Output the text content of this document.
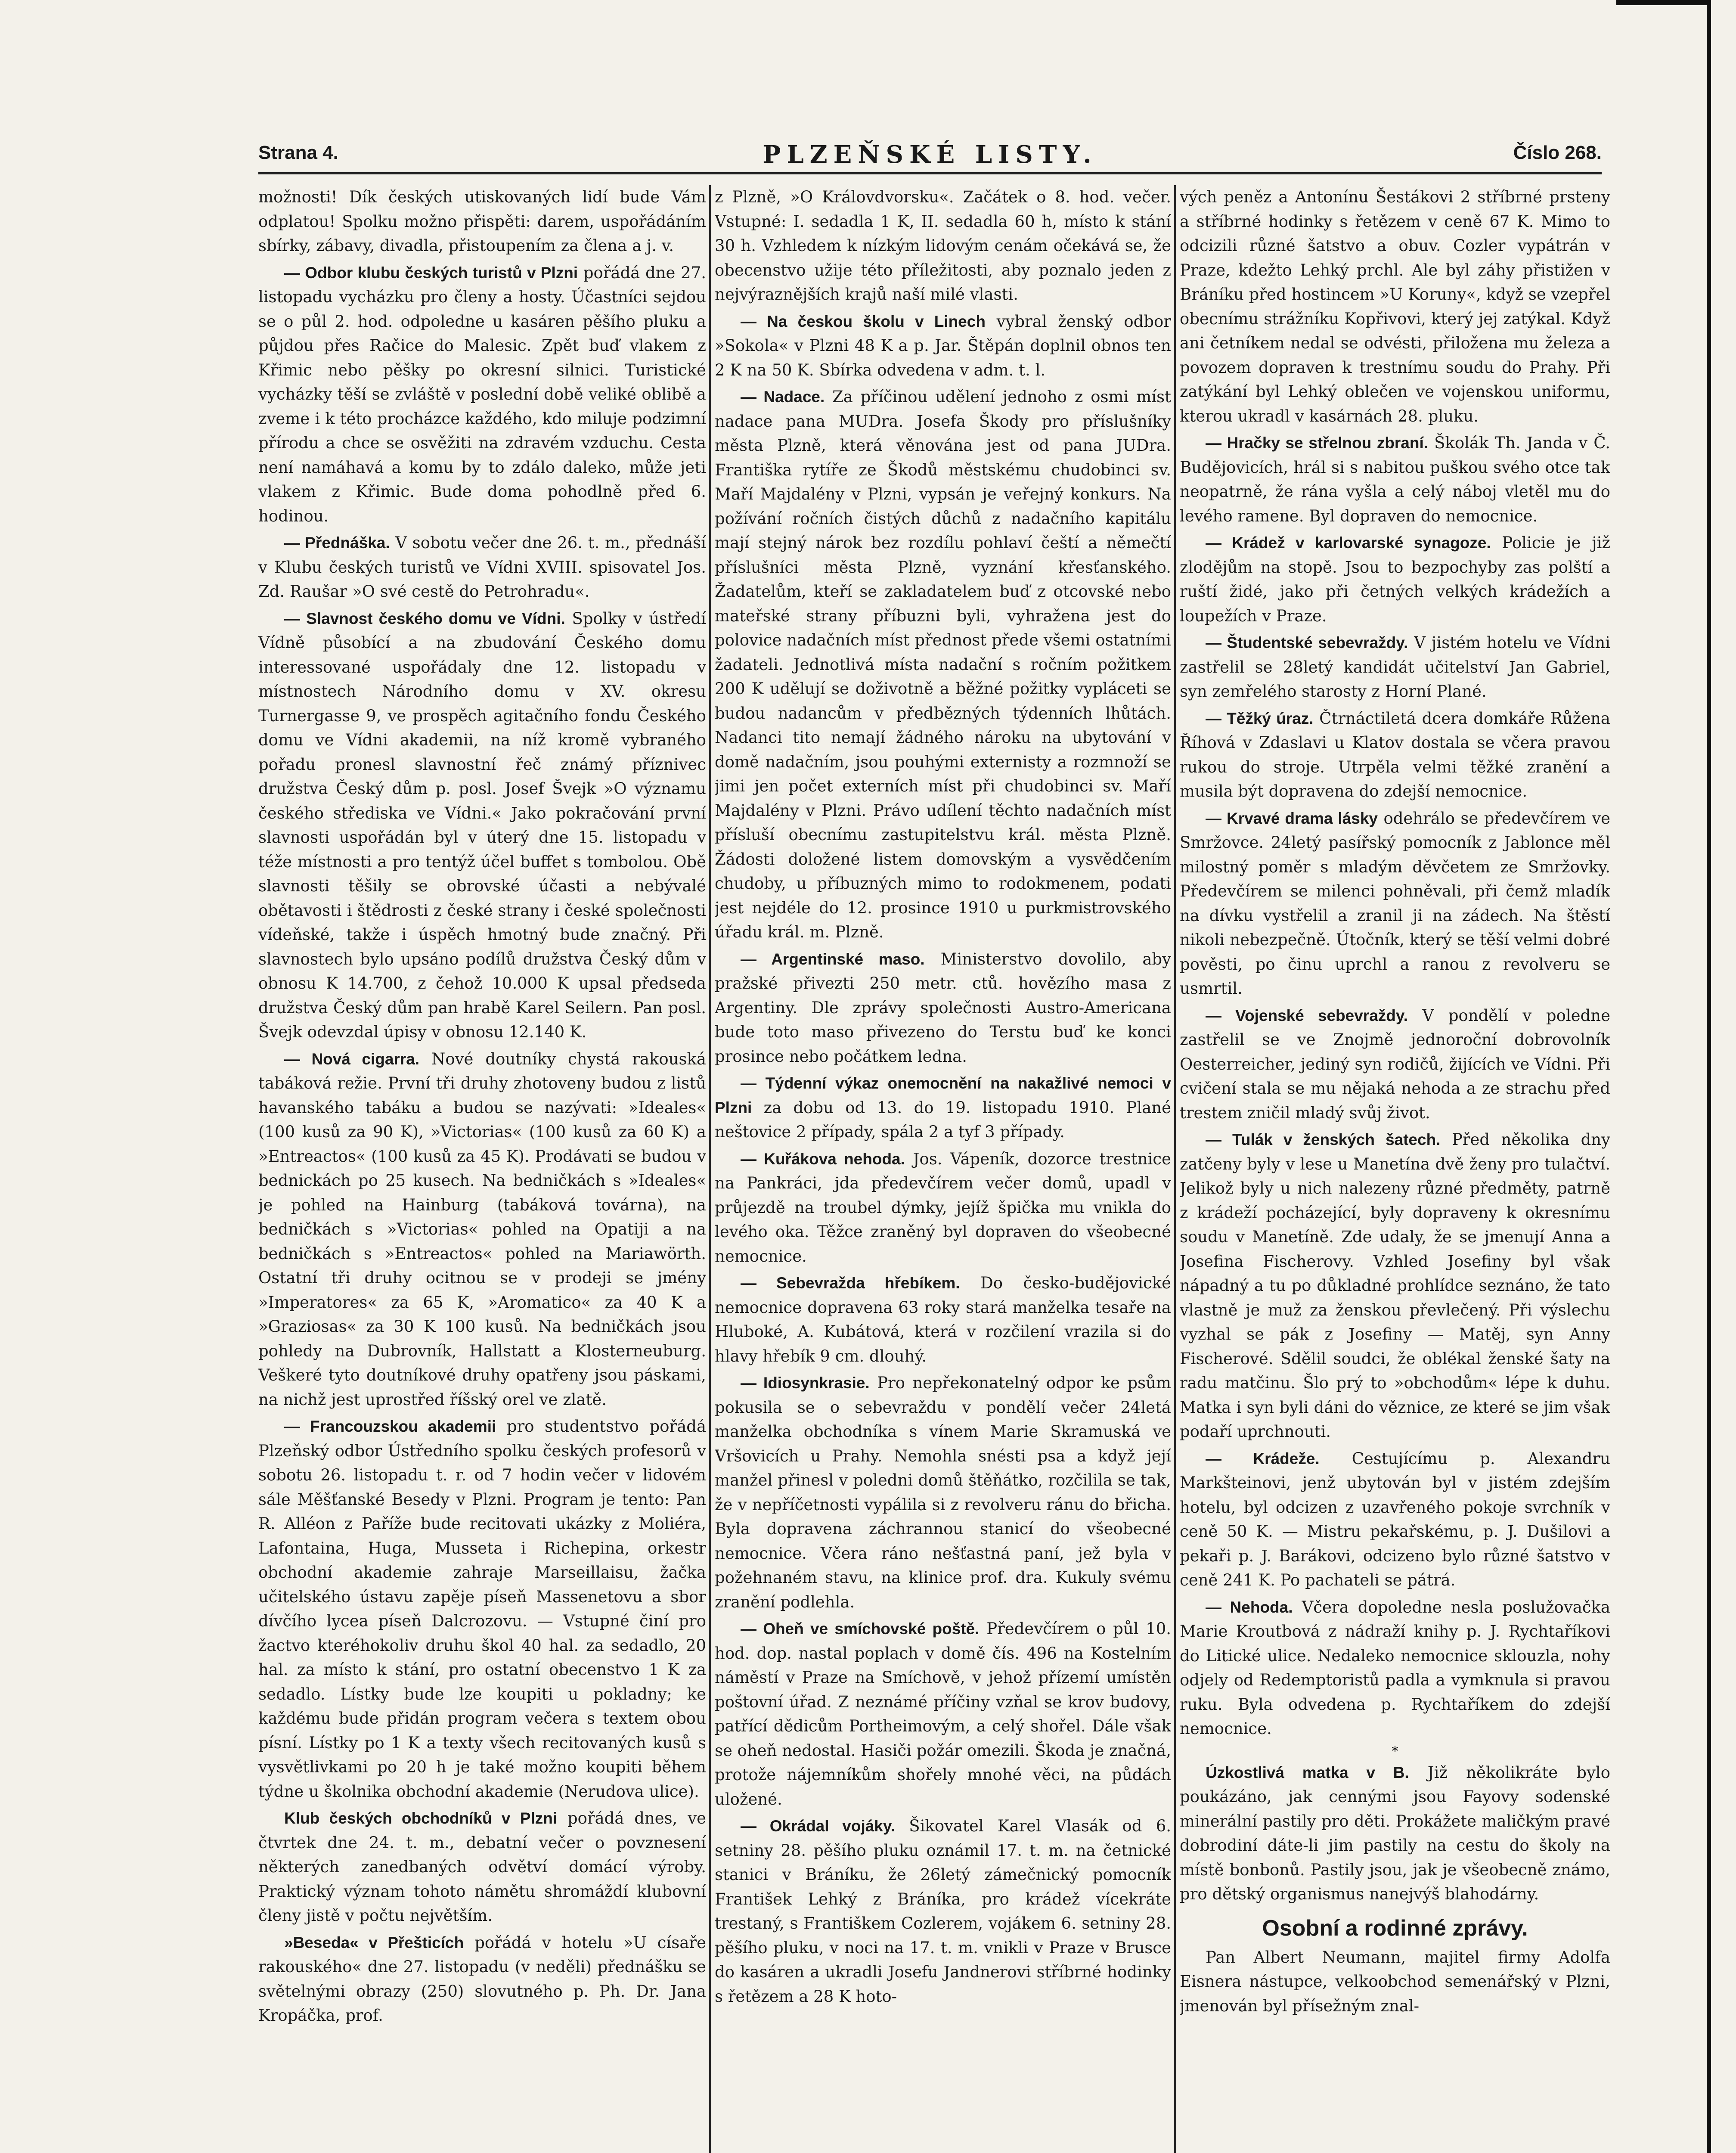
Strana 4.	PLZEŇSKÉ LISTY.	Číslo 268.

možnosti! Dík českých utiskovaných lidí bude Vám odplatou! Spolku možno přispěti: darem, uspořádáním sbírky, zábavy, divadla, přistoupením za člena a j. v.

— Odbor klubu českých turistů v Plzni pořádá dne 27. listopadu vycházku pro členy a hosty. Účastníci sejdou se o půl 2. hod. odpoledne u kasáren pěšího pluku a půjdou přes Račice do Malesic. Zpět buď vlakem z Křimic nebo pěšky po okresní silnici. Turistické vycházky těší se zvláště v poslední době veliké oblibě a zveme i k této procházce každého, kdo miluje podzimní přírodu a chce se osvěžiti na zdravém vzduchu. Cesta není namáhavá a komu by to zdálo daleko, může jeti vlakem z Křimic. Bude doma pohodlně před 6. hodinou.

— Přednáška. V sobotu večer dne 26. t. m., přednáší v Klubu českých turistů ve Vídni XVIII. spisovatel Jos. Zd. Raušar »O své cestě do Petrohradu«.

— Slavnost českého domu ve Vídni. Spolky v ústředí Vídně působící a na zbudování Českého domu interessované uspořádaly dne 12. listopadu v místnostech Národního domu v XV. okresu Turnergasse 9, ve prospěch agitačního fondu Českého domu ve Vídni akademii, na níž kromě vybraného pořadu pronesl slavnostní řeč známý příznivec družstva Český dům p. posl. Josef Švejk »O významu českého střediska ve Vídni.« Jako pokračování první slavnosti uspořádán byl v úterý dne 15. listopadu v téže místnosti a pro tentýž účel buffet s tombolou. Obě slavnosti těšily se obrovské účasti a nebývalé obětavosti i štědrosti z české strany i české společnosti vídeňské, takže i úspěch hmotný bude značný. Při slavnostech bylo upsáno podílů družstva Český dům v obnosu K 14.700, z čehož 10.000 K upsal předseda družstva Český dům pan hrabě Karel Seilern. Pan posl. Švejk odevzdal úpisy v obnosu 12.140 K.

— Nová cigarra. Nové doutníky chystá rakouská tabáková režie. První tři druhy zhotoveny budou z listů havanského tabáku a budou se nazývati: »Ideales« (100 kusů za 90 K), »Victorias« (100 kusů za 60 K) a »Entreactos« (100 kusů za 45 K). Prodávati se budou v bednickách po 25 kusech. Na bedničkách s »Ideales« je pohled na Hainburg (tabáková továrna), na bedničkách s »Victorias« pohled na Opatiji a na bedničkách s »Entreactos« pohled na Mariawörth. Ostatní tři druhy ocitnou se v prodeji se jmény »Imperatores« za 65 K, »Aromatico« za 40 K a »Graziosas« za 30 K 100 kusů. Na bedničkách jsou pohledy na Dubrovník, Hallstatt a Klosterneuburg. Veškeré tyto doutníkové druhy opatřeny jsou páskami, na nichž jest uprostřed říšský orel ve zlatě.

— Francouzskou akademii pro studentstvo pořádá Plzeňský odbor Ústředního spolku českých profesorů v sobotu 26. listopadu t. r. od 7 hodin večer v lidovém sále Měšťanské Besedy v Plzni. Program je tento: Pan R. Alléon z Paříže bude recitovati ukázky z Moliéra, Lafontaina, Huga, Musseta i Richepina, orkestr obchodní akademie zahraje Marseillaisu, žačka učitelského ústavu zapěje píseň Massenetovu a sbor dívčího lycea píseň Dalcrozovu. — Vstupné činí pro žactvo kteréhokoliv druhu škol 40 hal. za sedadlo, 20 hal. za místo k stání, pro ostatní obecenstvo 1 K za sedadlo. Lístky bude lze koupiti u pokladny; ke každému bude přidán program večera s textem obou písní. Lístky po 1 K a texty všech recitovaných kusů s vysvětlivkami po 20 h je také možno koupiti během týdne u školnika obchodní akademie (Nerudova ulice).

Klub českých obchodníků v Plzni pořádá dnes, ve čtvrtek dne 24. t. m., debatní večer o povznesení některých zanedbaných odvětví domácí výroby. Praktický význam tohoto námětu shromáždí klubovní členy jistě v počtu největším.

»Beseda« v Přešticích pořádá v hotelu »U císaře rakouského« dne 27. listopadu (v neděli) přednášku se světelnými obrazy (250) slovutného p. Ph. Dr. Jana Kropáčka, prof.

z Plzně, »O Královdvorsku«. Začátek o 8. hod. večer. Vstupné: I. sedadla 1 K, II. sedadla 60 h, místo k stání 30 h. Vzhledem k nízkým lidovým cenám očekává se, že obecenstvo užije této příležitosti, aby poznalo jeden z nejvýraznějších krajů naší milé vlasti.

— Na českou školu v Linech vybral ženský odbor »Sokola« v Plzni 48 K a p. Jar. Štěpán doplnil obnos ten 2 K na 50 K. Sbírka odvedena v adm. t. l.

— Nadace. Za příčinou udělení jednoho z osmi míst nadace pana MUDra. Josefa Škody pro příslušníky města Plzně, která věnována jest od pana JUDra. Františka rytíře ze Škodů městskému chudobinci sv. Maří Majdalény v Plzni, vypsán je veřejný konkurs. Na požívání ročních čistých důchů z nadačního kapitálu mají stejný nárok bez rozdílu pohlaví čeští a němečtí příslušníci města Plzně, vyznání křesťanského. Žadatelům, kteří se zakladatelem buď z otcovské nebo mateřské strany příbuzni byli, vyhražena jest do polovice nadačních míst přednost přede všemi ostatními žadateli. Jednotlivá místa nadační s ročním požitkem 200 K udělují se doživotně a běžné požitky vypláceti se budou nadancům v předbězných týdenních lhůtách. Nadanci tito nemají žádného nároku na ubytování v domě nadačním, jsou pouhými externisty a rozmnoží se jimi jen počet externích míst při chudobinci sv. Maří Majdalény v Plzni. Právo udílení těchto nadačních míst přísluší obecnímu zastupitelstvu král. města Plzně. Žádosti doložené listem domovským a vysvědčením chudoby, u příbuzných mimo to rodokmenem, podati jest nejdéle do 12. prosince 1910 u purkmistrovského úřadu král. m. Plzně.

— Argentinské maso. Ministerstvo dovolilo, aby pražské přivezti 250 metr. ctů. hovězího masa z Argentiny. Dle zprávy společnosti Austro-Americana bude toto maso přivezeno do Terstu buď ke konci prosince nebo počátkem ledna.

— Týdenní výkaz onemocnění na nakažlivé nemoci v Plzni za dobu od 13. do 19. listopadu 1910. Plané neštovice 2 případy, spála 2 a tyf 3 případy.

— Kuřákova nehoda. Jos. Vápeník, dozorce trestnice na Pankráci, jda předevčírem večer domů, upadl v průjezdě na troubel dýmky, jejíž špička mu vnikla do levého oka. Těžce zraněný byl dopraven do všeobecné nemocnice.

— Sebevražda hřebíkem. Do česko-budějovické nemocnice dopravena 63 roky stará manželka tesaře na Hluboké, A. Kubátová, která v rozčilení vrazila si do hlavy hřebík 9 cm. dlouhý.

— Idiosynkrasie. Pro nepřekonatelný odpor ke psům pokusila se o sebevraždu v pondělí večer 24letá manželka obchodníka s vínem Marie Skramuská ve Vršovicích u Prahy. Nemohla snésti psa a když její manžel přinesl v poledni domů štěňátko, rozčilila se tak, že v nepříčetnosti vypálila si z revolveru ránu do břicha. Byla dopravena záchrannou stanicí do všeobecné nemocnice. Včera ráno nešťastná paní, jež byla v požehnaném stavu, na klinice prof. dra. Kukuly svému zranění podlehla.

— Oheň ve smíchovské poště. Předevčírem o půl 10. hod. dop. nastal poplach v domě čís. 496 na Kostelním náměstí v Praze na Smíchově, v jehož přízemí umístěn poštovní úřad. Z neznámé příčiny vzňal se krov budovy, patřící dědicům Portheimovým, a celý shořel. Dále však se oheň nedostal. Hasiči požár omezili. Škoda je značná, protože nájemníkům shořely mnohé věci, na půdách uložené.

— Okrádal vojáky. Šikovatel Karel Vlasák od 6. setniny 28. pěšího pluku oznámil 17. t. m. na četnické stanici v Bráníku, že 26letý zámečnický pomocník František Lehký z Bráníka, pro krádež vícekráte trestaný, s Františkem Cozlerem, vojákem 6. setniny 28. pěšího pluku, v noci na 17. t. m. vnikli v Praze v Brusce do kasáren a ukradli Josefu Jandnerovi stříbrné hodinky s řetězem a 28 K hoto-

vých peněz a Antonínu Šestákovi 2 stříbrné prsteny a stříbrné hodinky s řetězem v ceně 67 K. Mimo to odcizili různé šatstvo a obuv. Cozler vypátrán v Praze, kdežto Lehký prchl. Ale byl záhy přistižen v Bráníku před hostincem »U Koruny«, když se vzepřel obecnímu strážníku Kopřivovi, který jej zatýkal. Když ani četníkem nedal se odvésti, přiložena mu železa a povozem dopraven k trestnímu soudu do Prahy. Při zatýkání byl Lehký oblečen ve vojenskou uniformu, kterou ukradl v kasárnách 28. pluku.

— Hračky se střelnou zbraní. Školák Th. Janda v Č. Budějovicích, hrál si s nabitou puškou svého otce tak neopatrně, že rána vyšla a celý náboj vletěl mu do levého ramene. Byl dopraven do nemocnice.

— Krádež v karlovarské synagoze. Policie je již zlodějům na stopě. Jsou to bezpochyby zas polští a ruští židé, jako při četných velkých krádežích a loupežích v Praze.

— Študentské sebevraždy. V jistém hotelu ve Vídni zastřelil se 28letý kandidát učitelství Jan Gabriel, syn zemřelého starosty z Horní Plané.

— Těžký úraz. Čtrnáctiletá dcera domkáře Růžena Říhová v Zdaslavi u Klatov dostala se včera pravou rukou do stroje. Utrpěla velmi těžké zranění a musila být dopravena do zdejší nemocnice.

— Krvavé drama lásky odehrálo se předevčírem ve Smržovce. 24letý pasířský pomocník z Jablonce měl milostný poměr s mladým děvčetem ze Smržovky. Předevčírem se milenci pohněvali, při čemž mladík na dívku vystřelil a zranil ji na zádech. Na štěstí nikoli nebezpečně. Útočník, který se těší velmi dobré pověsti, po činu uprchl a ranou z revolveru se usmrtil.

— Vojenské sebevraždy. V pondělí v poledne zastřelil se ve Znojmě jednoroční dobrovolník Oesterreicher, jediný syn rodičů, žijících ve Vídni. Při cvičení stala se mu nějaká nehoda a ze strachu před trestem zničil mladý svůj život.

— Tulák v ženských šatech. Před několika dny zatčeny byly v lese u Manetína dvě ženy pro tulačtví. Jelikož byly u nich nalezeny různé předměty, patrně z krádeží pocházející, byly dopraveny k okresnímu soudu v Manetíně. Zde udaly, že se jmenují Anna a Josefina Fischerovy. Vzhled Josefiny byl však nápadný a tu po důkladné prohlídce seznáno, že tato vlastně je muž za ženskou převlečený. Při výslechu vyzhal se pák z Josefiny — Matěj, syn Anny Fischerové. Sdělil soudci, že oblékal ženské šaty na radu matčinu. Šlo prý to »obchodům« lépe k duhu. Matka i syn byli dáni do věznice, ze které se jim však podaří uprchnouti.

— Krádeže. Cestujícímu p. Alexandru Markšteinovi, jenž ubytován byl v jistém zdejším hotelu, byl odcizen z uzavřeného pokoje svrchník v ceně 50 K. — Mistru pekařskému, p. J. Dušilovi a pekaři p. J. Barákovi, odcizeno bylo různé šatstvo v ceně 241 K. Po pachateli se pátrá.

— Nehoda. Včera dopoledne nesla poslužovačka Marie Kroutbová z nádraží knihy p. J. Rychtaříkovi do Litické ulice. Nedaleko nemocnice sklouzla, nohy odjely od Redemptoristů padla a vymknula si pravou ruku. Byla odvedena p. Rychtaříkem do zdejší nemocnice.

*

Úzkostlivá matka v B. Již několikráte bylo poukázáno, jak cennými jsou Fayovy sodenské minerální pastily pro děti. Prokážete maličkým pravé dobrodiní dáte-li jim pastily na cestu do školy na místě bonbonů. Pastily jsou, jak je všeobecně známo, pro dětský organismus nanejvýš blahodárny.

Osobní a rodinné zprávy.

Pan Albert Neumann, majitel firmy Adolfa Eisnera nástupce, velkoobchod semenářský v Plzni, jmenován byl přísežným znal-
